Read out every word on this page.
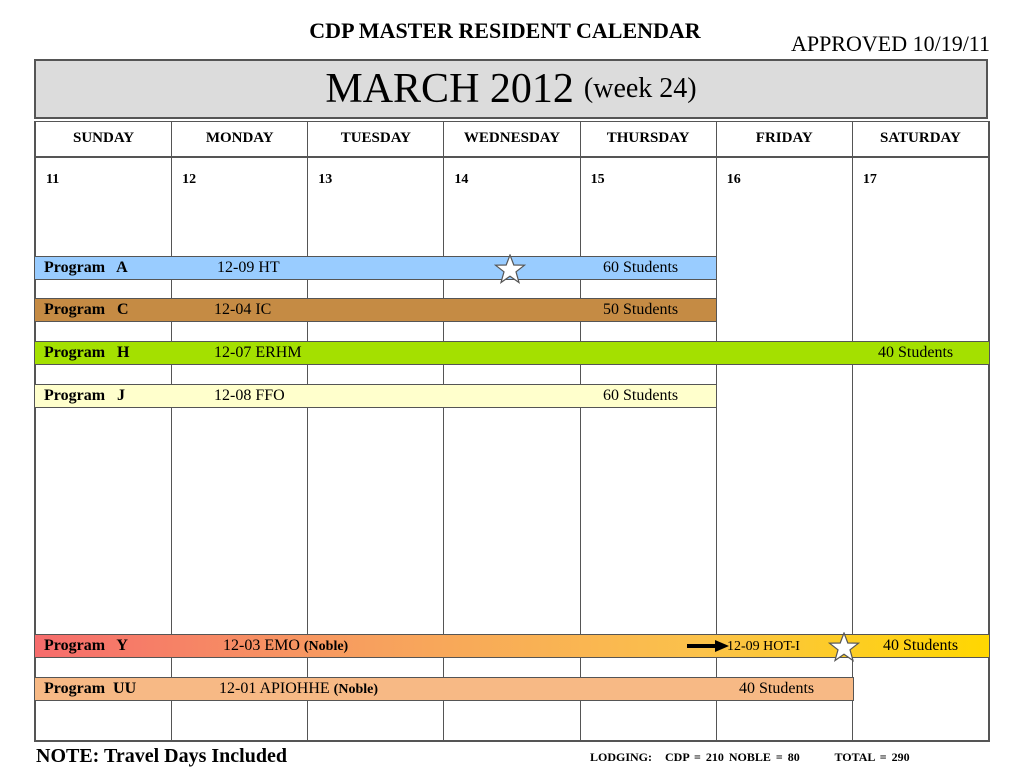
CDP MASTER RESIDENT CALENDAR
APPROVED 10/19/11
MARCH 2012 (week 24)
SUNDAY	MONDAY	TUESDAY	WEDNESDAY	THURSDAY	FRIDAY	SATURDAY
11	12	13	14	15	16	17
Program   A	12-09 HT	60 Students
Program   C	12-04 IC	50 Students
Program   H	12-07 ERHM	40 Students
Program   J	12-08 FFO	60 Students
Program   Y	12-03 EMO (Noble)	12-09 HOT-I	40 Students
Program  UU	12-01 APIOHHE (Noble)	40 Students
NOTE: Travel Days Included	LODGING: CDP = 210 NOBLE = 80	TOTAL = 290
